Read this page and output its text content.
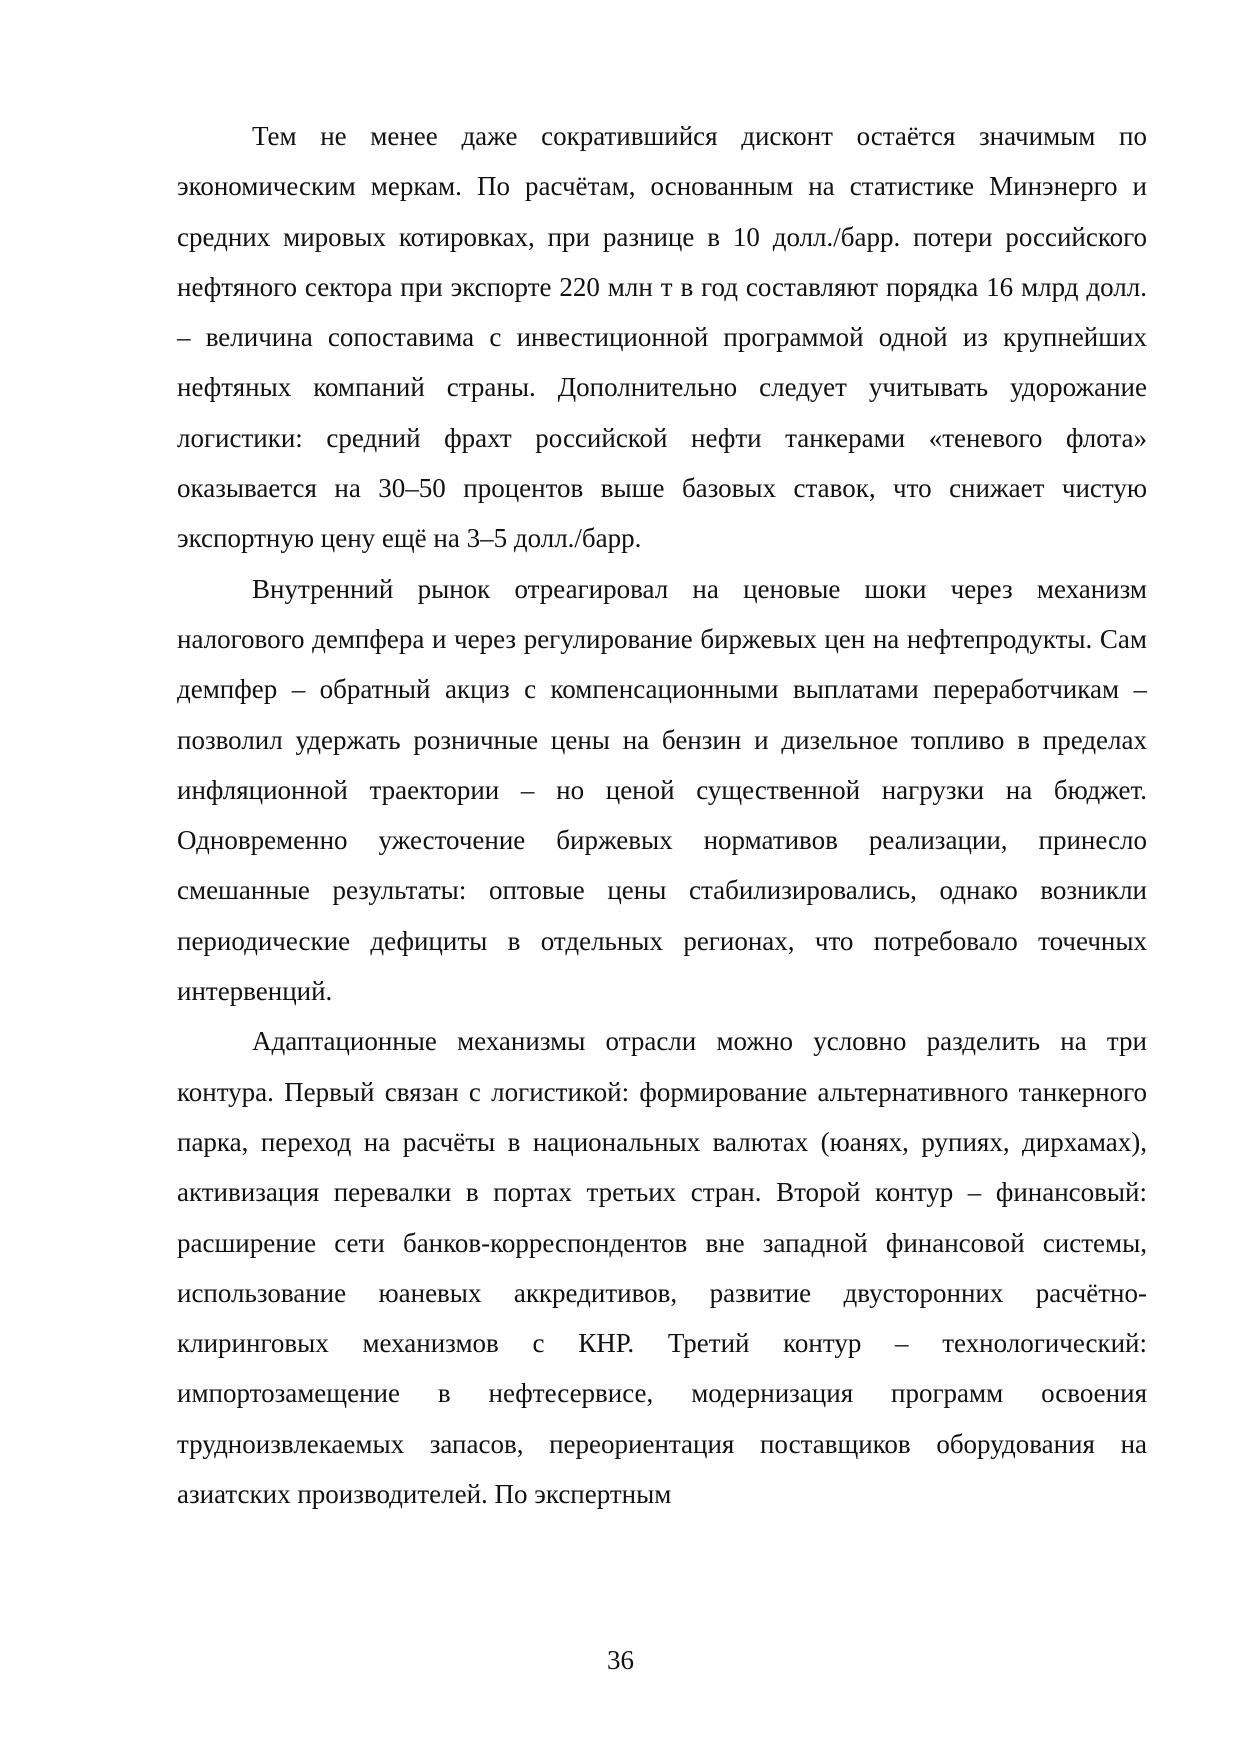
Тем не менее даже сократившийся дисконт остаётся значимым по экономическим меркам. По расчётам, основанным на статистике Минэнерго и средних мировых котировках, при разнице в 10 долл./барр. потери российского нефтяного сектора при экспорте 220 млн т в год составляют порядка 16 млрд долл. – величина сопоставима с инвестиционной программой одной из крупнейших нефтяных компаний страны. Дополнительно следует учитывать удорожание логистики: средний фрахт российской нефти танкерами «теневого флота» оказывается на 30–50 процентов выше базовых ставок, что снижает чистую экспортную цену ещё на 3–5 долл./барр.

Внутренний рынок отреагировал на ценовые шоки через механизм налогового демпфера и через регулирование биржевых цен на нефтепродукты. Сам демпфер – обратный акциз с компенсационными выплатами переработчикам – позволил удержать розничные цены на бензин и дизельное топливо в пределах инфляционной траектории – но ценой существенной нагрузки на бюджет. Одновременно ужесточение биржевых нормативов реализации, принесло смешанные результаты: оптовые цены стабилизировались, однако возникли периодические дефициты в отдельных регионах, что потребовало точечных интервенций.

Адаптационные механизмы отрасли можно условно разделить на три контура. Первый связан с логистикой: формирование альтернативного танкерного парка, переход на расчёты в национальных валютах (юанях, рупиях, дирхамах), активизация перевалки в портах третьих стран. Второй контур – финансовый: расширение сети банков-корреспондентов вне западной финансовой системы, использование юаневых аккредитивов, развитие двусторонних расчётно-клиринговых механизмов с КНР. Третий контур – технологический: импортозамещение в нефтесервисе, модернизация программ освоения трудноизвлекаемых запасов, переориентация поставщиков оборудования на азиатских производителей. По экспертным

36
